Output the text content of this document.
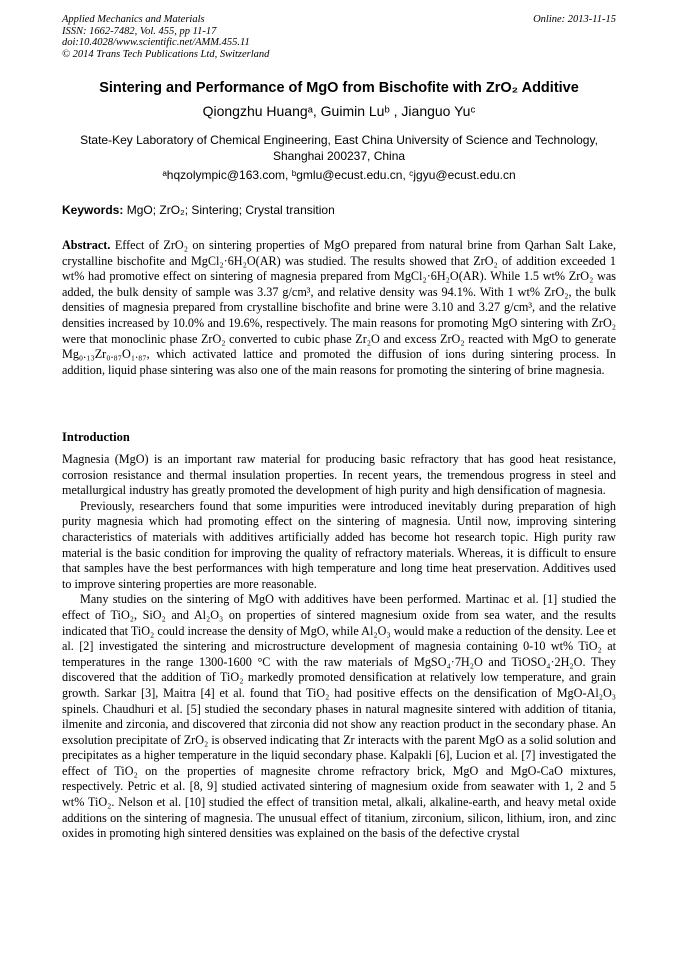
Applied Mechanics and Materials
ISSN: 1662-7482, Vol. 455, pp 11-17
doi:10.4028/www.scientific.net/AMM.455.11
© 2014 Trans Tech Publications Ltd, Switzerland
Online: 2013-11-15
Sintering and Performance of MgO from Bischofite with ZrO₂ Additive
Qiongzhu Huangᵃ, Guimin Luᵇ , Jianguo Yuᶜ
State-Key Laboratory of Chemical Engineering, East China University of Science and Technology, Shanghai 200237, China
ᵃhqzolympic@163.com, ᵇgmlu@ecust.edu.cn, ᶜjgyu@ecust.edu.cn
Keywords: MgO; ZrO₂; Sintering; Crystal transition
Abstract. Effect of ZrO₂ on sintering properties of MgO prepared from natural brine from Qarhan Salt Lake, crystalline bischofite and MgCl₂·6H₂O(AR) was studied. The results showed that ZrO₂ of addition exceeded 1 wt% had promotive effect on sintering of magnesia prepared from MgCl₂·6H₂O(AR). While 1.5 wt% ZrO₂ was added, the bulk density of sample was 3.37 g/cm³, and relative density was 94.1%. With 1 wt% ZrO₂, the bulk densities of magnesia prepared from crystalline bischofite and brine were 3.10 and 3.27 g/cm³, and the relative densities increased by 10.0% and 19.6%, respectively. The main reasons for promoting MgO sintering with ZrO₂ were that monoclinic phase ZrO₂ converted to cubic phase Zr₂O and excess ZrO₂ reacted with MgO to generate Mg₀.₁₃Zr₀.₈₇O₁.₈₇, which activated lattice and promoted the diffusion of ions during sintering process. In addition, liquid phase sintering was also one of the main reasons for promoting the sintering of brine magnesia.
Introduction

Magnesia (MgO) is an important raw material for producing basic refractory that has good heat resistance, corrosion resistance and thermal insulation properties. In recent years, the tremendous progress in steel and metallurgical industry has greatly promoted the development of high purity and high densification of magnesia.

Previously, researchers found that some impurities were introduced inevitably during preparation of high purity magnesia which had promoting effect on the sintering of magnesia. Until now, improving sintering characteristics of materials with additives artificially added has become hot research topic. High purity raw material is the basic condition for improving the quality of refractory materials. Whereas, it is difficult to ensure that samples have the best performances with high temperature and long time heat preservation. Additives used to improve sintering properties are more reasonable.

Many studies on the sintering of MgO with additives have been performed. Martinac et al. [1] studied the effect of TiO₂, SiO₂ and Al₂O₃ on properties of sintered magnesium oxide from sea water, and the results indicated that TiO₂ could increase the density of MgO, while Al₂O₃ would make a reduction of the density. Lee et al. [2] investigated the sintering and microstructure development of magnesia containing 0-10 wt% TiO₂ at temperatures in the range 1300-1600 °C with the raw materials of MgSO₄·7H₂O and TiOSO₄·2H₂O. They discovered that the addition of TiO₂ markedly promoted densification at relatively low temperature, and grain growth. Sarkar [3], Maitra [4] et al. found that TiO₂ had positive effects on the densification of MgO-Al₂O₃ spinels. Chaudhuri et al. [5] studied the secondary phases in natural magnesite sintered with addition of titania, ilmenite and zirconia, and discovered that zirconia did not show any reaction product in the secondary phase. An exsolution precipitate of ZrO₂ is observed indicating that Zr interacts with the parent MgO as a solid solution and precipitates as a higher temperature in the liquid secondary phase. Kalpakli [6], Lucion et al. [7] investigated the effect of TiO₂ on the properties of magnesite chrome refractory brick, MgO and MgO-CaO mixtures, respectively. Petric et al. [8, 9] studied activated sintering of magnesium oxide from seawater with 1, 2 and 5 wt% TiO₂. Nelson et al. [10] studied the effect of transition metal, alkali, alkaline-earth, and heavy metal oxide additions on the sintering of magnesia. The unusual effect of titanium, zirconium, silicon, lithium, iron, and zinc oxides in promoting high sintered densities was explained on the basis of the defective crystal
